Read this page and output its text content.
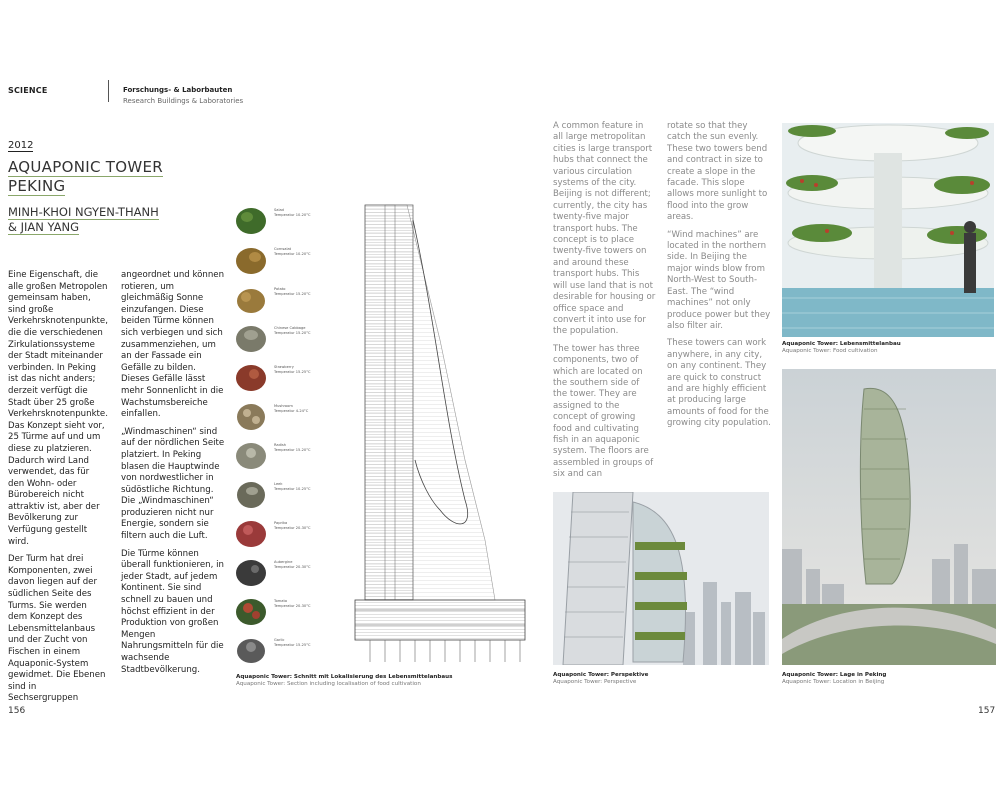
SCIENCE	Forschungs- & Laborbauten
Research Buildings & Laboratories
2012
AQUAPONIC TOWER
PEKING
MINH-KHOI NGYEN-THANH
& JIAN YANG

Eine Eigenschaft, die alle großen Metropolen gemeinsam haben, sind große Verkehrsknotenpunkte, die die verschiedenen Zirkulationssysteme der Stadt miteinander verbinden. In Peking ist das nicht anders; derzeit verfügt die Stadt über 25 große Verkehrsknotenpunkte. Das Konzept sieht vor, 25 Türme auf und um diese zu platzieren. Dadurch wird Land verwendet, das für den Wohn- oder Bürobereich nicht attraktiv ist, aber der Bevölkerung zur Verfügung gestellt wird.

Der Turm hat drei Komponenten, zwei davon liegen auf der südlichen Seite des Turms. Sie werden dem Konzept des Lebensmittelanbaus und der Zucht von Fischen in einem Aquaponic-System gewidmet. Die Ebenen sind in Sechsergruppen

angeordnet und können rotieren, um gleichmäßig Sonne einzufangen. Diese beiden Türme können sich verbiegen und sich zusammenziehen, um an der Fassade ein Gefälle zu bilden. Dieses Gefälle lässt mehr Sonnenlicht in die Wachstumsbereiche einfallen.

„Windmaschinen“ sind auf der nördlichen Seite platziert. In Peking blasen die Hauptwinde von nordwestlicher in südöstliche Richtung. Die „Windmaschinen“ produzieren nicht nur Energie, sondern sie filtern auch die Luft.

Die Türme können überall funktionieren, in jeder Stadt, auf jedem Kontinent. Sie sind schnell zu bauen und höchst effizient in der Produktion von großen Mengen Nahrungsmitteln für die wachsende Stadtbevölkerung.

Salad
Temperatur 10-20°C
Cornsalat
Temperatur 10-20°C
Potato
Temperatur 15-20°C
Chinese Cabbage
Temperatur 15-20°C
Strawberry
Temperatur 15-25°C
Mushroom
Temperatur 4-24°C
Radish
Temperatur 15-20°C
Leek
Temperatur 10-25°C
Paprika
Temperatur 20-30°C
Aubergine
Temperatur 20-30°C
Tomato
Temperatur 20-30°C
Garlic
Temperatur 15-25°C
Aquaponic Tower: Schnitt mit Lokalisierung des Lebensmittelanbaus
Aquaponic Tower: Section including localisation of food cultivation

A common feature in all large metropolitan cities is large transport hubs that connect the various circulation systems of the city. Beijing is not different; currently, the city has twenty-five major transport hubs. The concept is to place twenty-five towers on and around these transport hubs. This will use land that is not desirable for housing or office space and convert it into use for the population.

The tower has three components, two of which are located on the southern side of the tower. They are assigned to the concept of growing food and cultivating fish in an aquaponic system. The floors are assembled in groups of six and can

rotate so that they catch the sun evenly. These two towers bend and contract in size to create a slope in the facade. This slope allows more sunlight to flood into the grow areas.

“Wind machines” are located in the northern side. In Beijing the major winds blow from North-West to South-East. The “wind machines” not only produce power but they also filter air.

These towers can work anywhere, in any city, on any continent. They are quick to construct and are highly efficient at producing large amounts of food for the growing city population.

Aquaponic Tower: Lebensmittelanbau
Aquaponic Tower: Food cultivation
Aquaponic Tower: Perspektive
Aquaponic Tower: Perspective
Aquaponic Tower: Lage in Peking
Aquaponic Tower: Location in Beijing
156	157
